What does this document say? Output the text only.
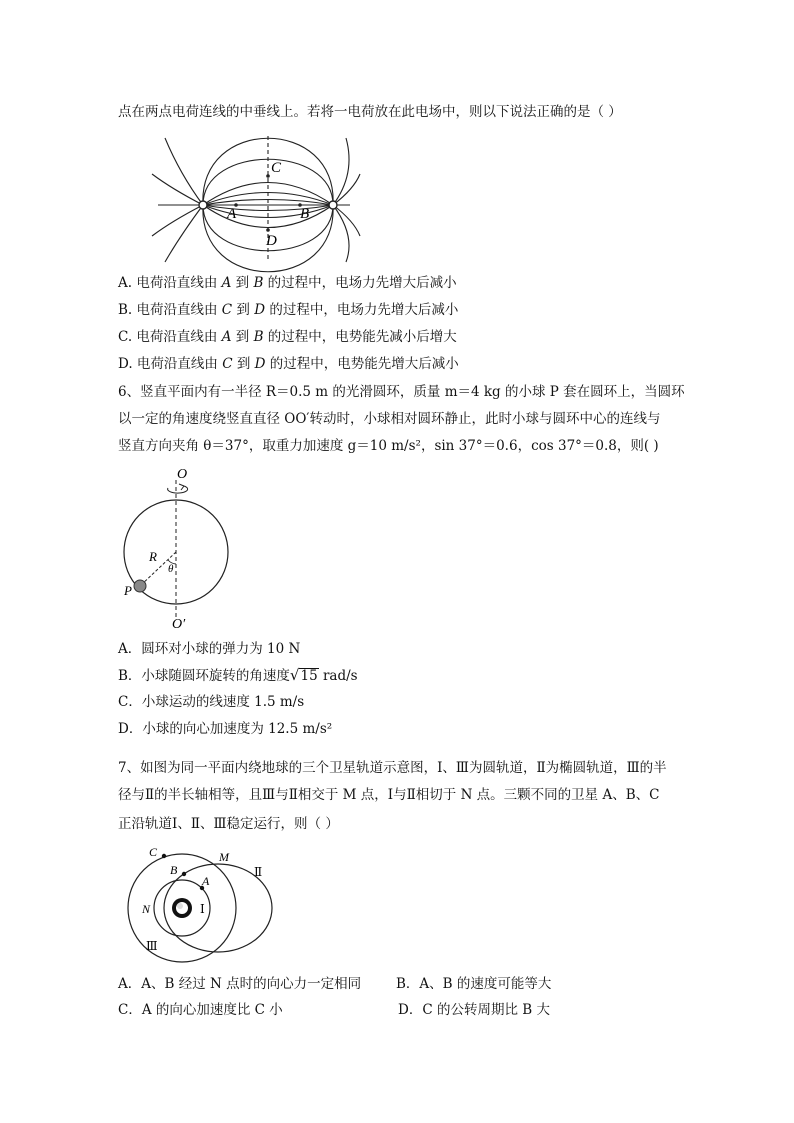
点在两点电荷连线的中垂线上。若将一电荷放在此电场中，则以下说法正确的是（ ）
A	B
C
D
A. 电荷沿直线由 A 到 B 的过程中，电场力先增大后减小
B. 电荷沿直线由 C 到 D 的过程中，电场力先增大后减小
C. 电荷沿直线由 A 到 B 的过程中，电势能先减小后增大
D. 电荷沿直线由 C 到 D 的过程中，电势能先增大后减小
6、竖直平面内有一半径 R＝0.5 m 的光滑圆环，质量 m＝4 kg 的小球 P 套在圆环上，当圆环
以一定的角速度绕竖直直径 OO′转动时，小球相对圆环静止，此时小球与圆环中心的连线与
竖直方向夹角 θ＝37°，取重力加速度 g＝10 m/s²，sin 37°＝0.6，cos 37°＝0.8，则( )
O
O′
R
θ
P
A．圆环对小球的弹力为 10 N
B．小球随圆环旋转的角速度√15 rad/s
C．小球运动的线速度 1.5 m/s
D．小球的向心加速度为 12.5 m/s²
7、如图为同一平面内绕地球的三个卫星轨道示意图，Ⅰ、Ⅲ为圆轨道，Ⅱ为椭圆轨道，Ⅲ的半
径与Ⅱ的半长轴相等，且Ⅲ与Ⅱ相交于 M 点，Ⅰ与Ⅱ相切于 N 点。三颗不同的卫星 A、B、C
正沿轨道Ⅰ、Ⅱ、Ⅲ稳定运行，则（ ）
C	M
B
A
Ⅱ
N	Ⅰ
Ⅲ
A．A、B 经过 N 点时的向心力一定相同	B．A、B 的速度可能等大
C．A 的向心加速度比 C 小	D．C 的公转周期比 B 大
